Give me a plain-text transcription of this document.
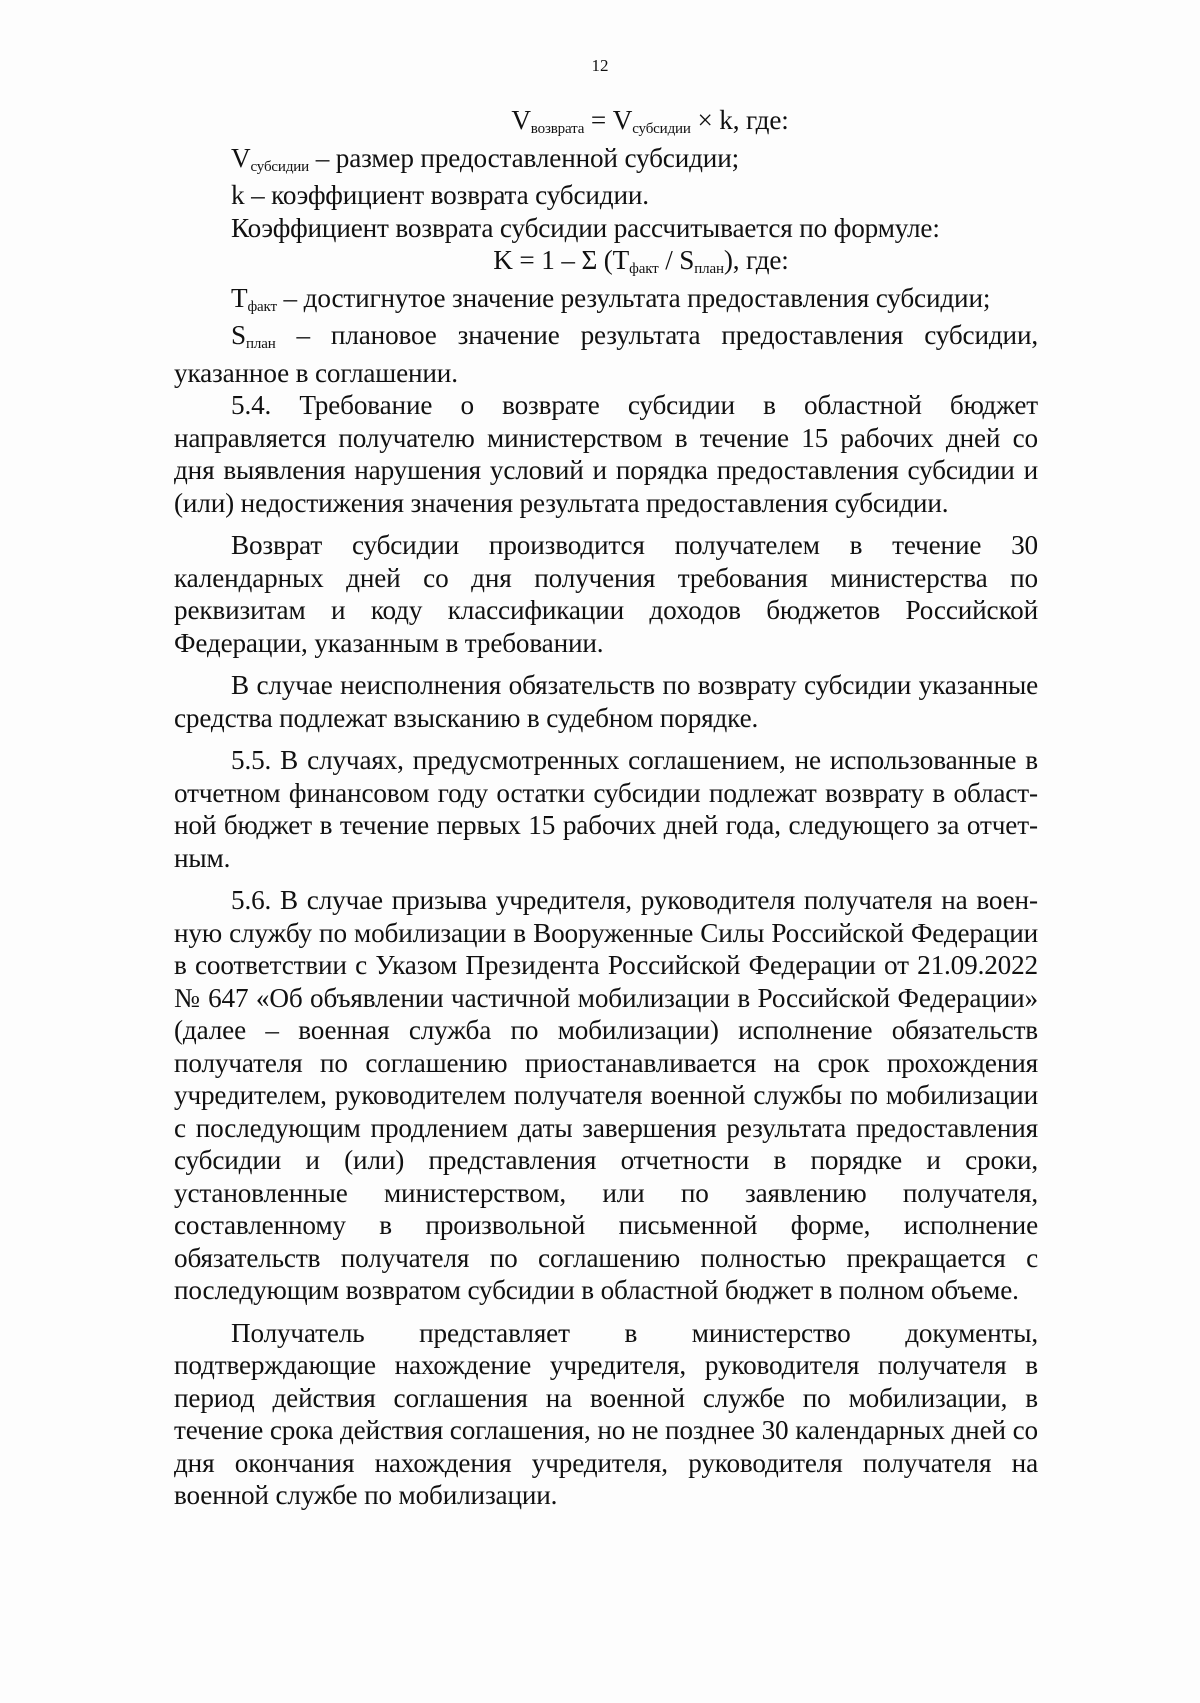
12

$V_{возврата} = V_{субсидии} \times k$, где:

$V_{субсидии}$ – размер предоставленной субсидии;

k – коэффициент возврата субсидии.

Коэффициент возврата субсидии рассчитывается по формуле:

K = 1 – Σ $(T_{факт} / S_{план})$, где:

$T_{факт}$ – достигнутое значение результата предоставления субсидии;

$S_{план}$ – плановое значение результата предоставления субсидии, указанное в соглашении.

5.4. Требование о возврате субсидии в областной бюджет направляется получателю министерством в течение 15 рабочих дней со дня выявления нарушения условий и порядка предоставления субсидии и (или) недостижения значения результата предоставления субсидии.

Возврат субсидии производится получателем в течение 30 календарных дней со дня получения требования министерства по реквизитам и коду классификации доходов бюджетов Российской Федерации, указанным в требовании.

В случае неисполнения обязательств по возврату субсидии указанные средства подлежат взысканию в судебном порядке.

5.5. В случаях, предусмотренных соглашением, не использованные в отчетном финансовом году остатки субсидии подлежат возврату в областной бюджет в течение первых 15 рабочих дней года, следующего за отчетным.

5.6. В случае призыва учредителя, руководителя получателя на военную службу по мобилизации в Вооруженные Силы Российской Федерации в соответствии с Указом Президента Российской Федерации от 21.09.2022 № 647 «Об объявлении частичной мобилизации в Российской Федерации» (далее – военная служба по мобилизации) исполнение обязательств получателя по соглашению приостанавливается на срок прохождения учредителем, руководителем получателя военной службы по мобилизации с последующим продлением даты завершения результата предоставления субсидии и (или) представления отчетности в порядке и сроки, установленные министерством, или по заявлению получателя, составленному в произвольной письменной форме, исполнение обязательств получателя по соглашению полностью прекращается с последующим возвратом субсидии в областной бюджет в полном объеме.

Получатель представляет в министерство документы, подтверждающие нахождение учредителя, руководителя получателя в период действия соглашения на военной службе по мобилизации, в течение срока действия соглашения, но не позднее 30 календарных дней со дня окончания нахождения учредителя, руководителя получателя на военной службе по мобилизации.
